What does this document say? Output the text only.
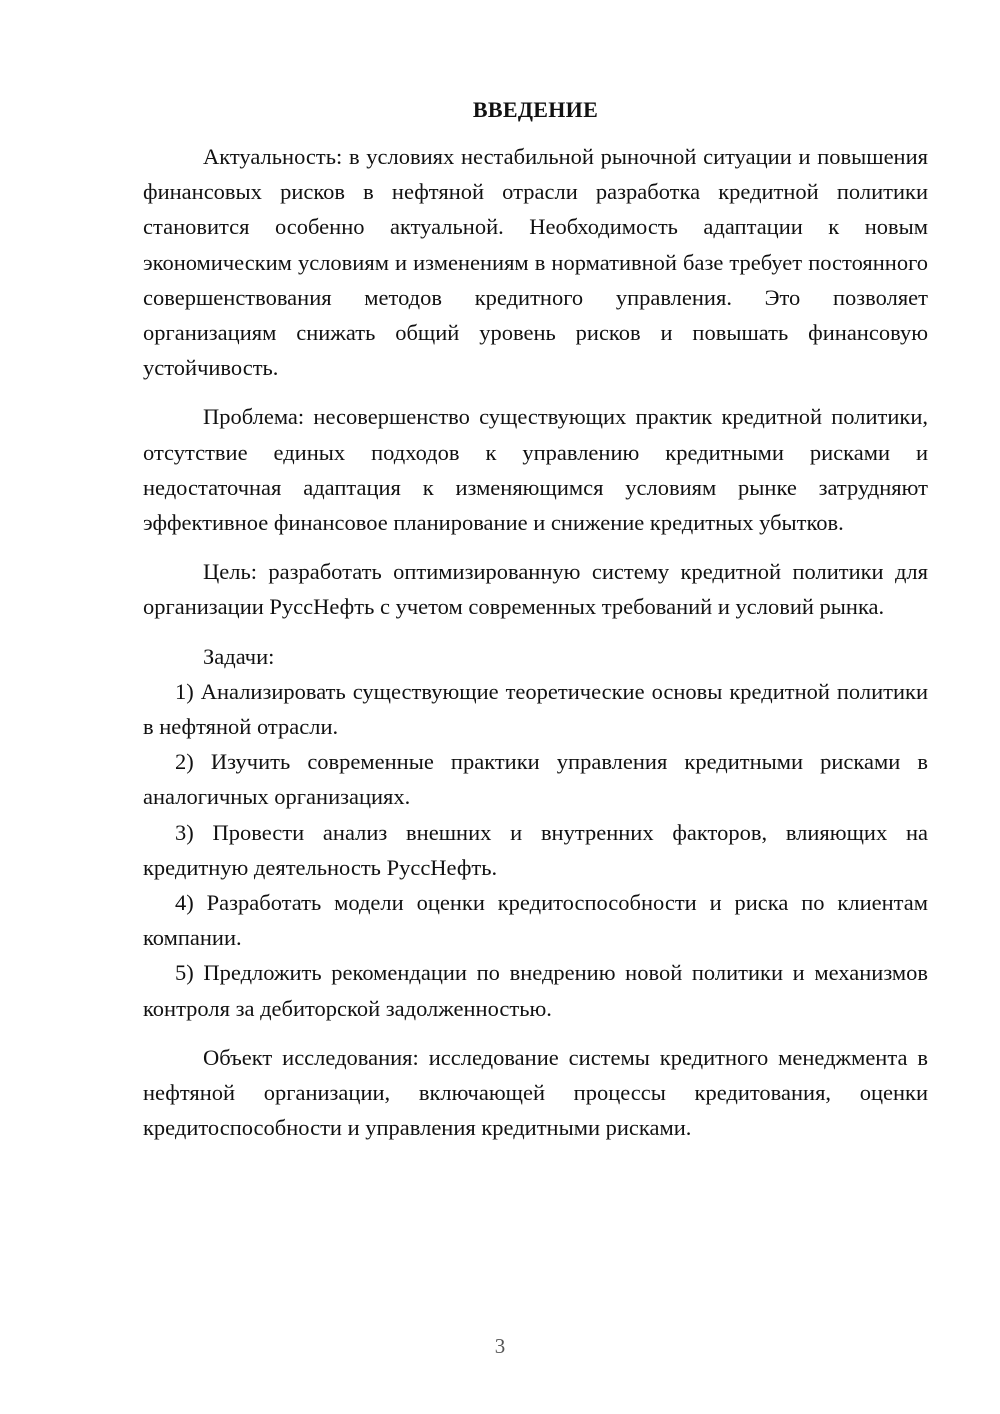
ВВЕДЕНИЕ

Актуальность: в условиях нестабильной рыночной ситуации и повышения финансовых рисков в нефтяной отрасли разработка кредитной политики становится особенно актуальной. Необходимость адаптации к новым экономическим условиям и изменениям в нормативной базе требует постоянного совершенствования методов кредитного управления. Это позволяет организациям снижать общий уровень рисков и повышать финансовую устойчивость.

Проблема: несовершенство существующих практик кредитной политики, отсутствие единых подходов к управлению кредитными рисками и недостаточная адаптация к изменяющимся условиям рынке затрудняют эффективное финансовое планирование и снижение кредитных убытков.

Цель: разработать оптимизированную систему кредитной политики для организации РуссНефть с учетом современных требований и условий рынка.

Задачи:

1) Анализировать существующие теоретические основы кредитной политики в нефтяной отрасли.

2) Изучить современные практики управления кредитными рисками в аналогичных организациях.

3) Провести анализ внешних и внутренних факторов, влияющих на кредитную деятельность РуссНефть.

4) Разработать модели оценки кредитоспособности и риска по клиентам компании.

5) Предложить рекомендации по внедрению новой политики и механизмов контроля за дебиторской задолженностью.

Объект исследования: исследование системы кредитного менеджмента в нефтяной организации, включающей процессы кредитования, оценки кредитоспособности и управления кредитными рисками.

3
